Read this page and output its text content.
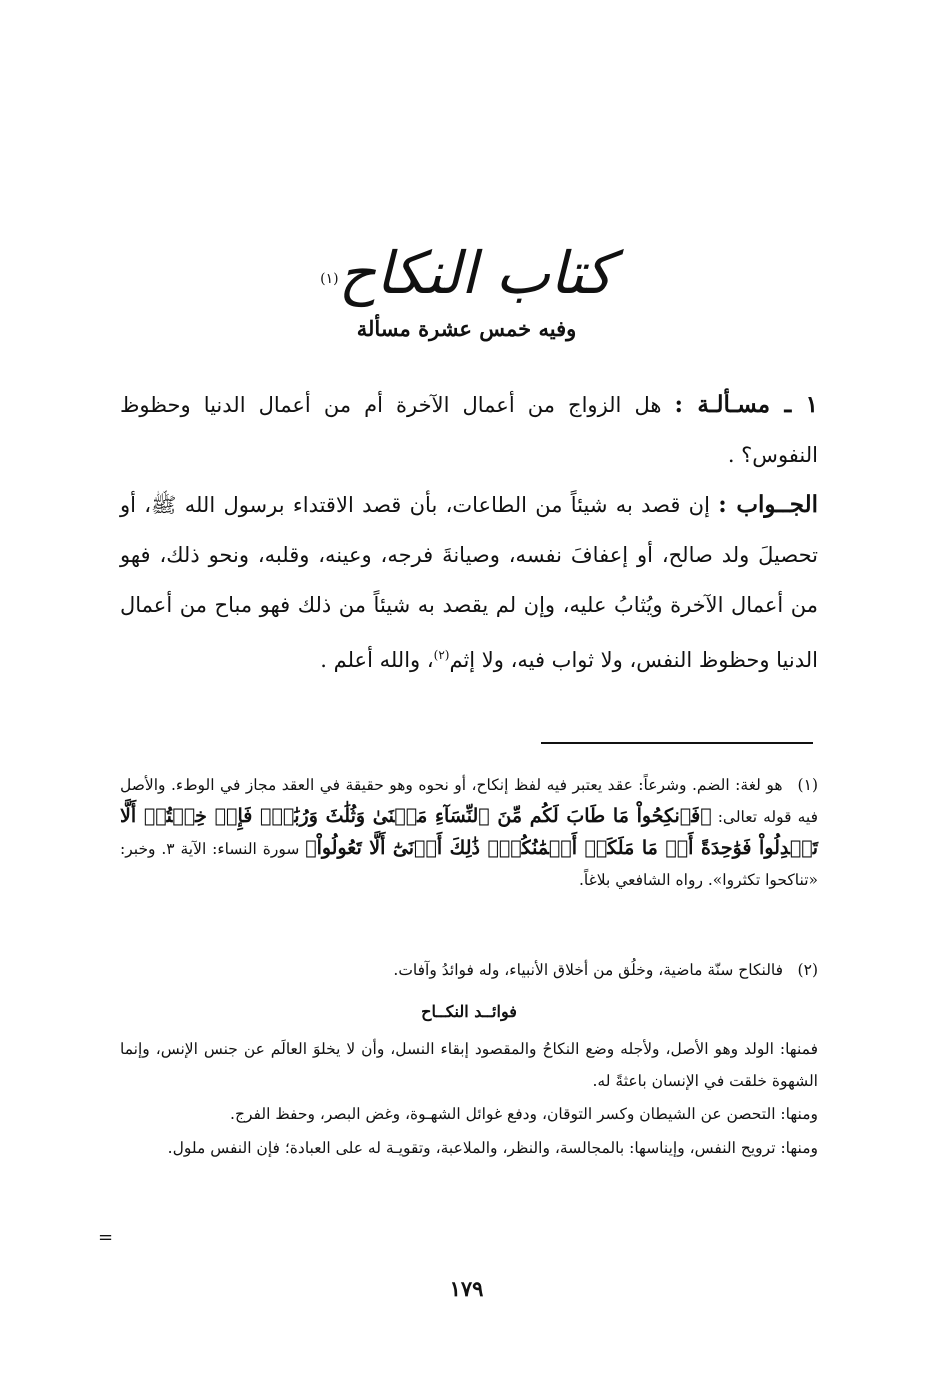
كتاب النكاح$^{(١)}$
وفيه خمس عشرة مسألة

١ ـ مسـألـة : هل الزواج من أعمال الآخرة أم من أعمال الدنيا وحظوظ النفوس؟ .

الجــواب : إن قصد به شيئاً من الطاعات، بأن قصد الاقتداء برسول الله ﷺ، أو تحصيلَ ولد صالح، أو إعفافَ نفسه، وصيانةَ فرجه، وعينه، وقلبه، ونحو ذلك، فهو من أعمال الآخرة ويُثابُ عليه، وإن لم يقصد به شيئاً من ذلك فهو مباح من أعمال الدنيا وحظوظ النفس، ولا ثواب فيه، ولا إثم$^{(٢)}$، والله أعلم .

(١) هو لغة: الضم. وشرعاً: عقد يعتبر فيه لفظ إنكاح، أو نحوه وهو حقيقة في العقد مجاز في الوطء. والأصل فيه قوله تعالى: ﴿فَٱنكِحُواْ مَا طَابَ لَكُم مِّنَ ٱلنِّسَآءِ مَثۡنَىٰ وَثُلَٰثَ وَرُبَٰعَۖ فَإِنۡ خِفۡتُمۡ أَلَّا تَعۡدِلُواْ فَوَٰحِدَةً أَوۡ مَا مَلَكَتۡ أَيۡمَٰنُكُمۡۚ ذَٰلِكَ أَدۡنَىٰٓ أَلَّا تَعُولُواْ﴾ سورة النساء: الآية ٣. وخبر: «تناكحوا تكثروا». رواه الشافعي بلاغاً.

(٢) فالنكاح سنّة ماضية، وخلُق من أخلاق الأنبياء، وله فوائدُ وآفات.

فوائــد النكــاح
فمنها: الولد وهو الأصل، ولأجله وضع النكاحُ والمقصود إبقاء النسل، وأن لا يخلوَ العالَم عن جنس الإنس، وإنما الشهوة خلقت في الإنسان باعثةً له.
ومنها: التحصن عن الشيطان وكسر التوقان، ودفع غوائل الشهـوة، وغض البصر، وحفظ الفرج.
ومنها: ترويح النفس، وإيناسها: بالمجالسة، والنظر، والملاعبة، وتقويـة له على العبادة؛ فإن النفس ملول.
=
١٧٩
